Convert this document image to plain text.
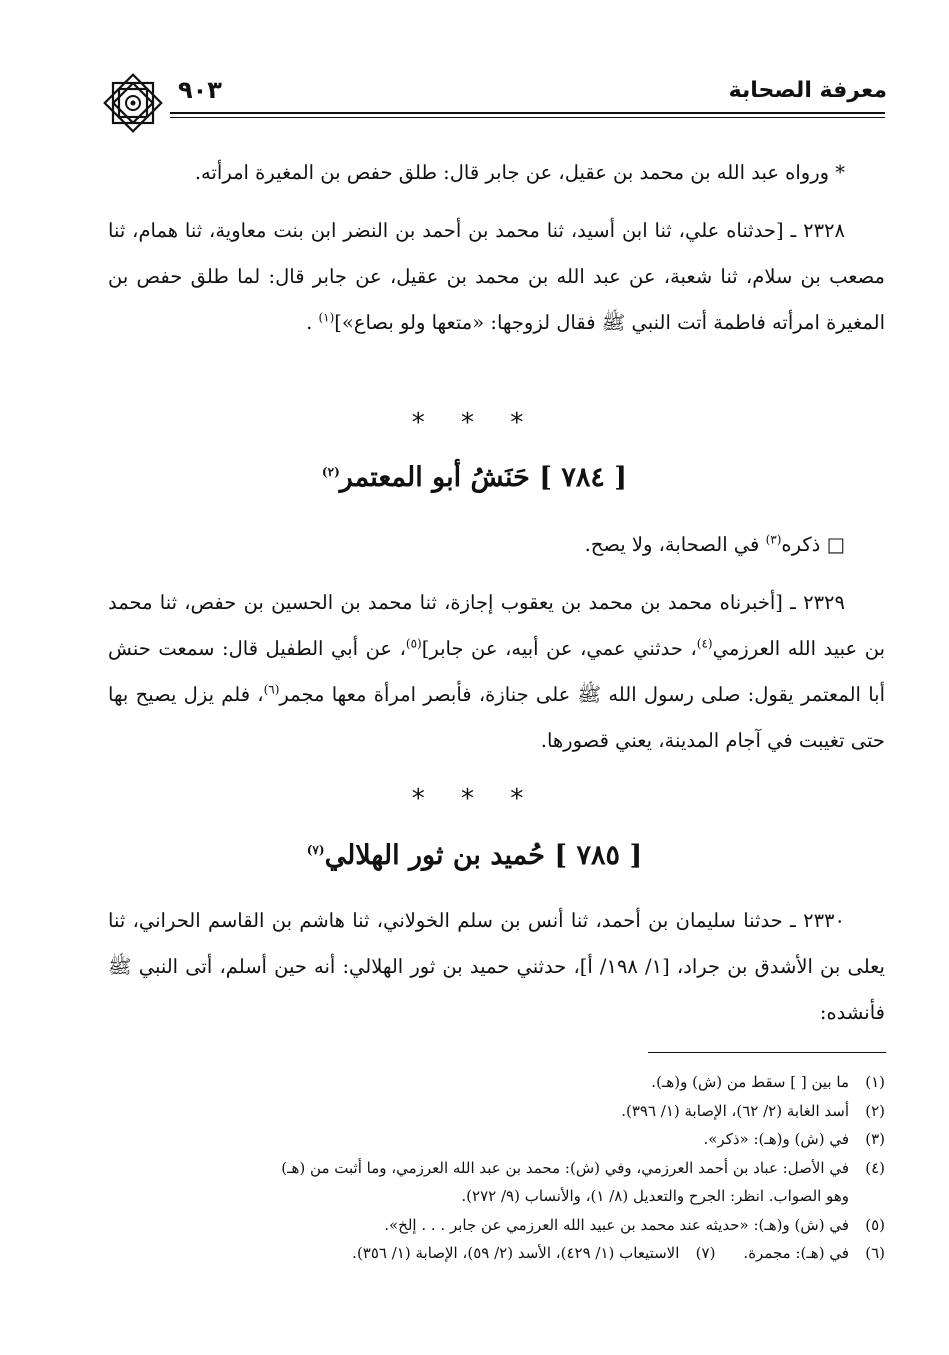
معرفة الصحابة
٩٠٣

* ورواه عبد الله بن محمد بن عقيل، عن جابر قال: طلق حفص بن المغيرة امرأته.

٢٣٢٨ ـ [حدثناه علي، ثنا ابن أسيد، ثنا محمد بن أحمد بن النضر ابن بنت معاوية، ثنا همام، ثنا مصعب بن سلام، ثنا شعبة، عن عبد الله بن محمد بن عقيل، عن جابر قال: لما طلق حفص بن المغيرة امرأته فاطمة أتت النبي ﷺ فقال لزوجها: «متعها ولو بصاع»]$^{(١)}$ .

* * *
[ ٧٨٤ ] حَنَشُ أبو المعتمر$^{(٢)}$

□ ذكره$^{(٣)}$ في الصحابة، ولا يصح.

٢٣٢٩ ـ [أخبرناه محمد بن محمد بن يعقوب إجازة، ثنا محمد بن الحسين بن حفص، ثنا محمد بن عبيد الله العرزمي$^{(٤)}$، حدثني عمي، عن أبيه، عن جابر]$^{(٥)}$، عن أبي الطفيل قال: سمعت حنش أبا المعتمر يقول: صلى رسول الله ﷺ على جنازة، فأبصر امرأة معها مجمر$^{(٦)}$، فلم يزل يصيح بها حتى تغيبت في آجام المدينة، يعني قصورها.

* * *
[ ٧٨٥ ] حُميد بن ثور الهلالي$^{(٧)}$

٢٣٣٠ ـ حدثنا سليمان بن أحمد، ثنا أنس بن سلم الخولاني، ثنا هاشم بن القاسم الحراني، ثنا يعلى بن الأشدق بن جراد، [١/ ١٩٨/ أ]، حدثني حميد بن ثور الهلالي: أنه حين أسلم، أتى النبي ﷺ فأنشده:

(١)ما بين [ ] سقط من (ش) و(هـ).

(٢)أسد الغابة (٢/ ٦٢)، الإصابة (١/ ٣٩٦).

(٣)في (ش) و(هـ): «ذكر».

(٤)في الأصل: عباد بن أحمد العرزمي، وفي (ش): محمد بن عبد الله العرزمي، وما أثبت من (هـ)

وهو الصواب. انظر: الجرح والتعديل (٨/ ١)، والأنساب (٩/ ٢٧٢).

(٥)في (ش) و(هـ): «حديثه عند محمد بن عبيد الله العرزمي عن جابر . . . إلخ».

(٦)في (هـ): مجمرة.(٧)الاستيعاب (١/ ٤٢٩)، الأسد (٢/ ٥٩)، الإصابة (١/ ٣٥٦).
